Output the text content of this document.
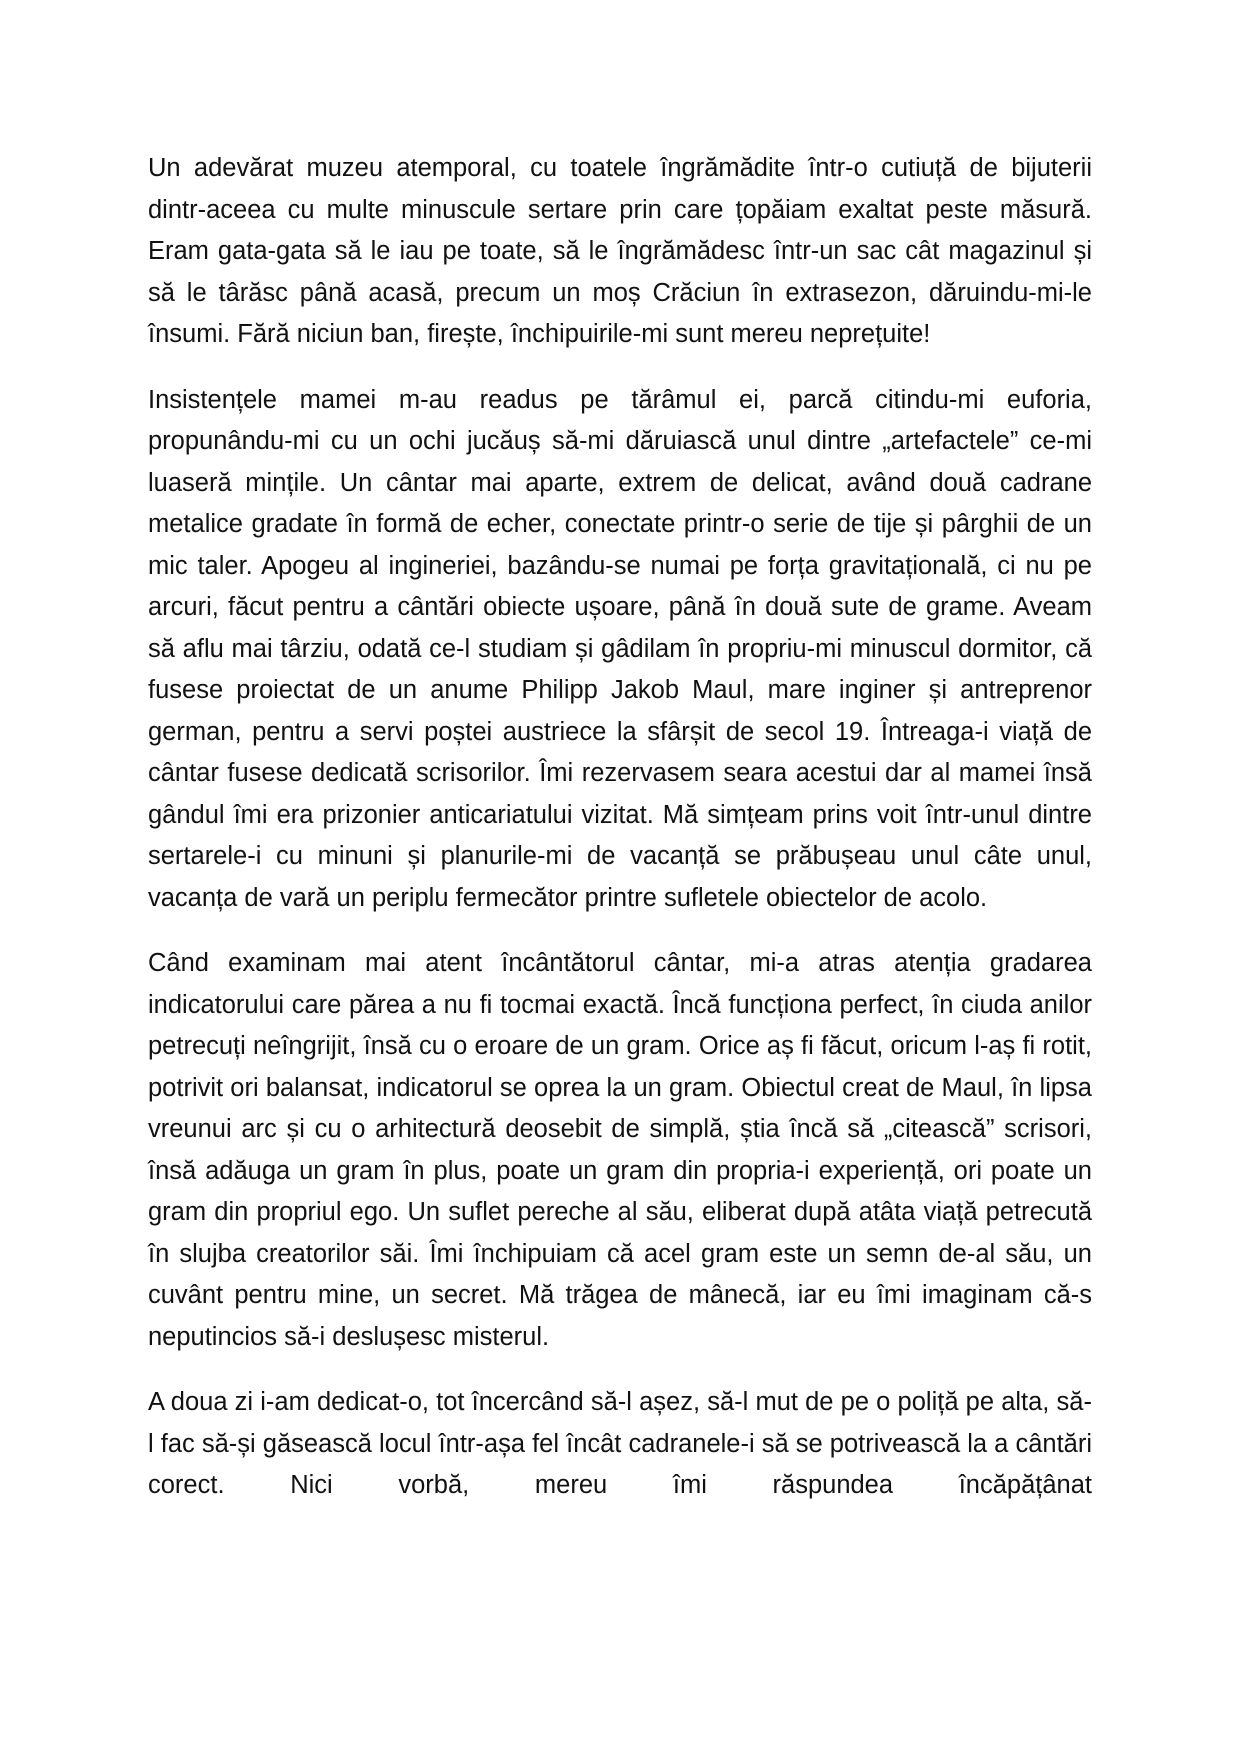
Un adevărat muzeu atemporal, cu toatele îngrămădite într-o cutiuță de bijuterii dintr-aceea cu multe minuscule sertare prin care țopăiam exaltat peste măsură. Eram gata-gata să le iau pe toate, să le îngrămădesc într-un sac cât magazinul și să le târăsc până acasă, precum un moș Crăciun în extrasezon, dăruindu-mi-le însumi. Fără niciun ban, firește, închipuirile-mi sunt mereu neprețuite!

Insistențele mamei m-au readus pe tărâmul ei, parcă citindu-mi euforia, propunându-mi cu un ochi jucăuș să-mi dăruiască unul dintre „artefactele” ce-mi luaseră mințile. Un cântar mai aparte, extrem de delicat, având două cadrane metalice gradate în formă de echer, conectate printr-o serie de tije și pârghii de un mic taler. Apogeu al ingineriei, bazându-se numai pe forța gravitațională, ci nu pe arcuri, făcut pentru a cântări obiecte ușoare, până în două sute de grame. Aveam să aflu mai târziu, odată ce-l studiam și gâdilam în propriu-mi minuscul dormitor, că fusese proiectat de un anume Philipp Jakob Maul, mare inginer și antreprenor german, pentru a servi poștei austriece la sfârșit de secol 19. Întreaga-i viață de cântar fusese dedicată scrisorilor. Îmi rezervasem seara acestui dar al mamei însă gândul îmi era prizonier anticariatului vizitat. Mă simțeam prins voit într-unul dintre sertarele-i cu minuni și planurile-mi de vacanță se prăbușeau unul câte unul, vacanța de vară un periplu fermecător printre sufletele obiectelor de acolo.

Când examinam mai atent încântătorul cântar, mi-a atras atenția gradarea indicatorului care părea a nu fi tocmai exactă. Încă funcționa perfect, în ciuda anilor petrecuți neîngrijit, însă cu o eroare de un gram. Orice aș fi făcut, oricum l-aș fi rotit, potrivit ori balansat, indicatorul se oprea la un gram. Obiectul creat de Maul, în lipsa vreunui arc și cu o arhitectură deosebit de simplă, știa încă să „citească” scrisori, însă adăuga un gram în plus, poate un gram din propria-i experiență, ori poate un gram din propriul ego. Un suflet pereche al său, eliberat după atâta viață petrecută în slujba creatorilor săi. Îmi închipuiam că acel gram este un semn de-al său, un cuvânt pentru mine, un secret. Mă trăgea de mânecă, iar eu îmi imaginam că-s neputincios să-i deslușesc misterul.

A doua zi i-am dedicat-o, tot încercând să-l așez, să-l mut de pe o poliță pe alta, să-l fac să-și găsească locul într-așa fel încât cadranele-i să se potrivească la a cântări corect. Nici vorbă, mereu îmi răspundea încăpățânat
